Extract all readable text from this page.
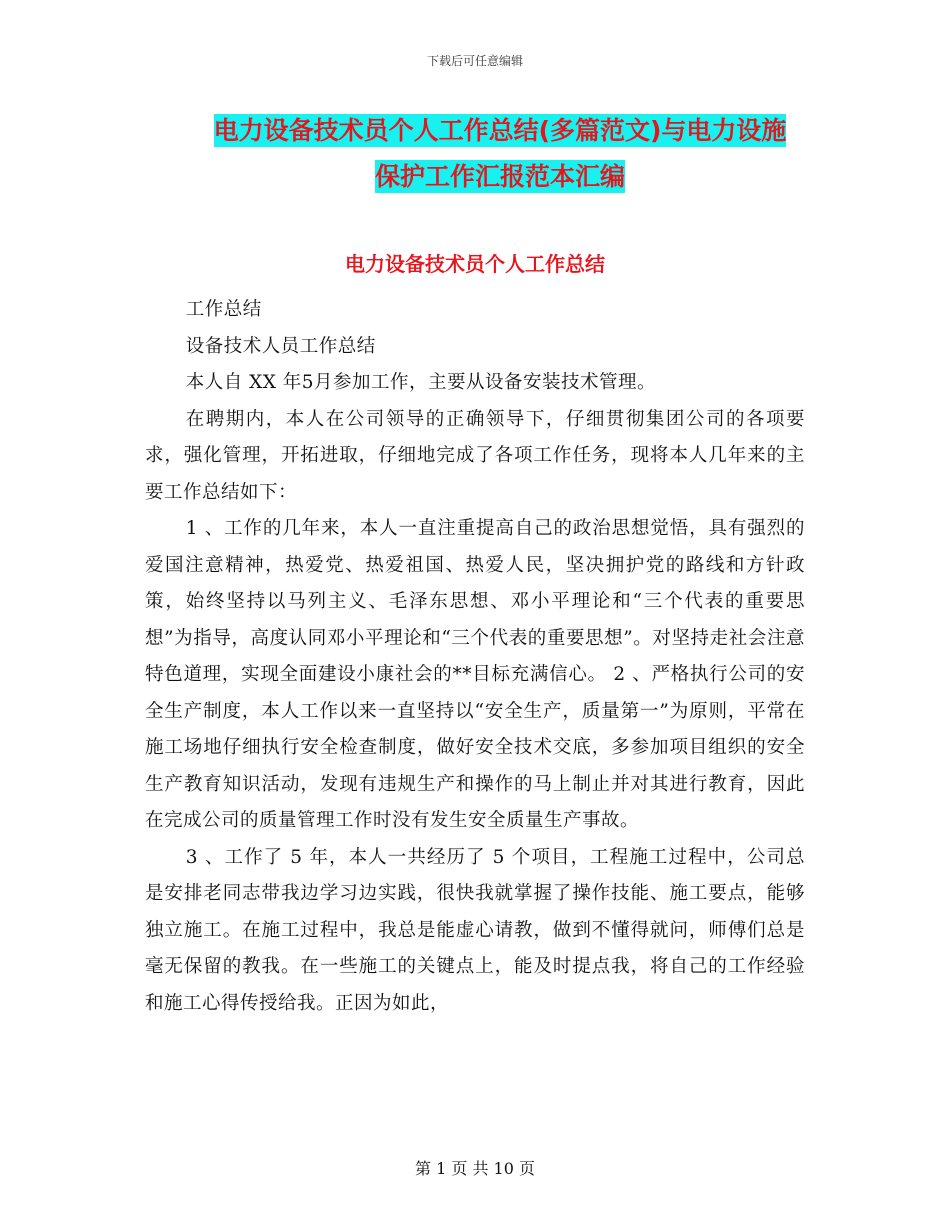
下载后可任意编辑
电力设备技术员个人工作总结(多篇范文)与电力设施
保护工作汇报范本汇编
电力设备技术员个人工作总结

工作总结

设备技术人员工作总结

本人自 XX 年5月参加工作，主要从设备安装技术管理。

在聘期内，本人在公司领导的正确领导下，仔细贯彻集团公司的各项要求，强化管理，开拓进取，仔细地完成了各项工作任务，现将本人几年来的主要工作总结如下：

1 、工作的几年来，本人一直注重提高自己的政治思想觉悟，具有强烈的爱国注意精神，热爱党、热爱祖国、热爱人民，坚决拥护党的路线和方针政策，始终坚持以马列主义、毛泽东思想、邓小平理论和“三个代表的重要思想”为指导，高度认同邓小平理论和“三个代表的重要思想”。对坚持走社会注意特色道理，实现全面建设小康社会的**目标充满信心。 2 、严格执行公司的安全生产制度，本人工作以来一直坚持以“安全生产，质量第一”为原则，平常在施工场地仔细执行安全检查制度，做好安全技术交底，多参加项目组织的安全生产教育知识活动，发现有违规生产和操作的马上制止并对其进行教育，因此在完成公司的质量管理工作时没有发生安全质量生产事故。

3 、工作了 5 年，本人一共经历了 5 个项目，工程施工过程中，公司总是安排老同志带我边学习边实践，很快我就掌握了操作技能、施工要点，能够独立施工。在施工过程中，我总是能虚心请教，做到不懂得就问，师傅们总是毫无保留的教我。在一些施工的关键点上，能及时提点我，将自己的工作经验和施工心得传授给我。正因为如此，

第 1 页 共 10 页
